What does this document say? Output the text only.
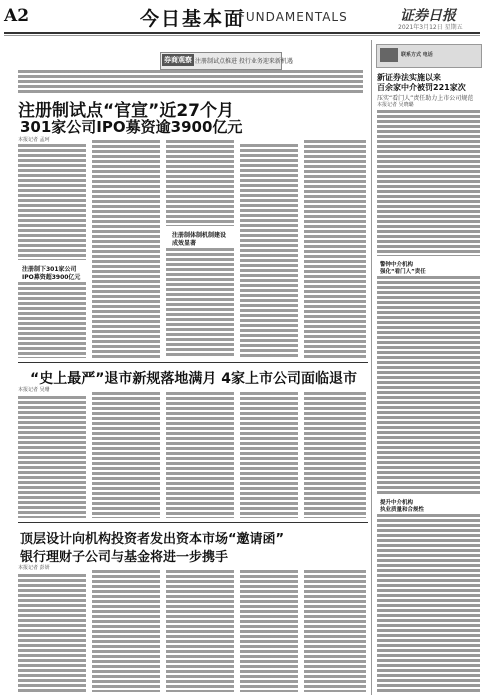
A2	今日基本面
FUNDAMENTALS	证券日报
2021年3月12日 星期五
券商观察 注册制试点推进 投行业务迎来新机遇
注册制试点“官宣”近27个月
301家公司IPO募资逾3900亿元
本报记者 孟珂
注册制下301家公司
IPO募资超3900亿元
注册制体制机制建设
成效显著
“史上最严”退市新规落地满月 4家上市公司面临退市
本报记者 吴珊
顶层设计向机构投资者发出资本市场“邀请函”
银行理财子公司与基金将进一步携手
本报记者 彭妍
联系方式 电话
新证券法实施以来
百余家中介被罚221家次
压实“看门人”责任助力上市公司规范
本报记者 吴晓璐
警钟中介机构
强化“看门人”责任
提升中介机构
执业质量和合规性
